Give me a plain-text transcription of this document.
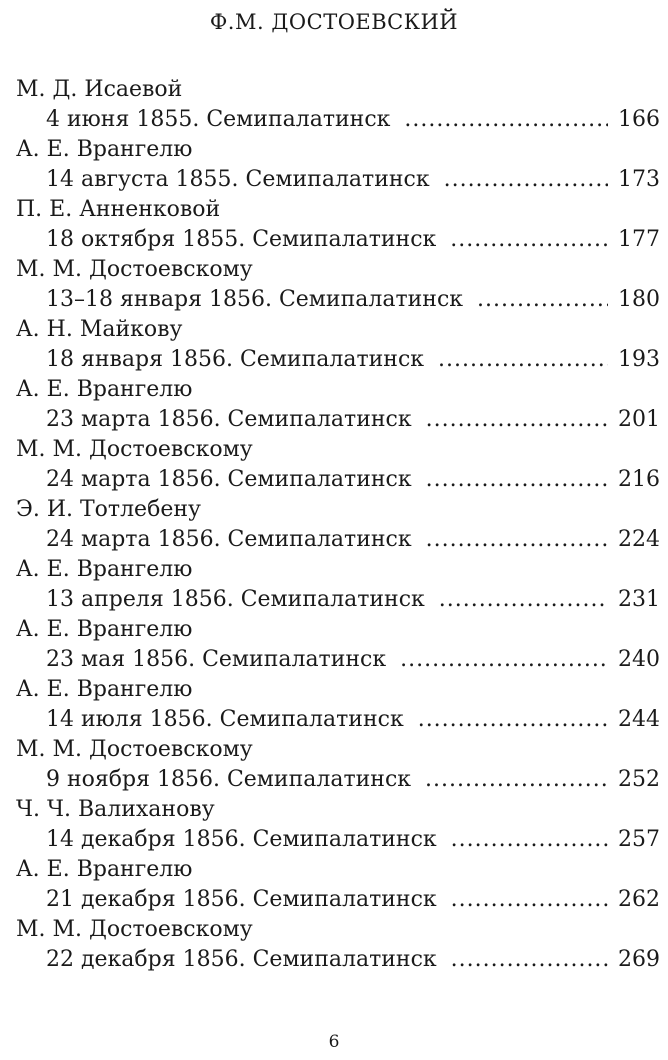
Ф.М. ДОСТОЕВСКИЙ
М. Д. Исаевой
4 июня 1855. Семипалатинск . . .	166
А. Е. Врангелю
14 августа 1855. Семипалатинск . . .	173
П. Е. Анненковой
18 октября 1855. Семипалатинск . . .	177
М. М. Достоевскому
13–18 января 1856. Семипалатинск . . .	180
А. Н. Майкову
18 января 1856. Семипалатинск . . .	193
А. Е. Врангелю
23 марта 1856. Семипалатинск . . .	201
М. М. Достоевскому
24 марта 1856. Семипалатинск . . .	216
Э. И. Тотлебену
24 марта 1856. Семипалатинск . . .	224
А. Е. Врангелю
13 апреля 1856. Семипалатинск . . .	231
А. Е. Врангелю
23 мая 1856. Семипалатинск . . .	240
А. Е. Врангелю
14 июля 1856. Семипалатинск . . .	244
М. М. Достоевскому
9 ноября 1856. Семипалатинск . . .	252
Ч. Ч. Валиханову
14 декабря 1856. Семипалатинск . . .	257
А. Е. Врангелю
21 декабря 1856. Семипалатинск . . .	262
М. М. Достоевскому
22 декабря 1856. Семипалатинск . . .	269
6
